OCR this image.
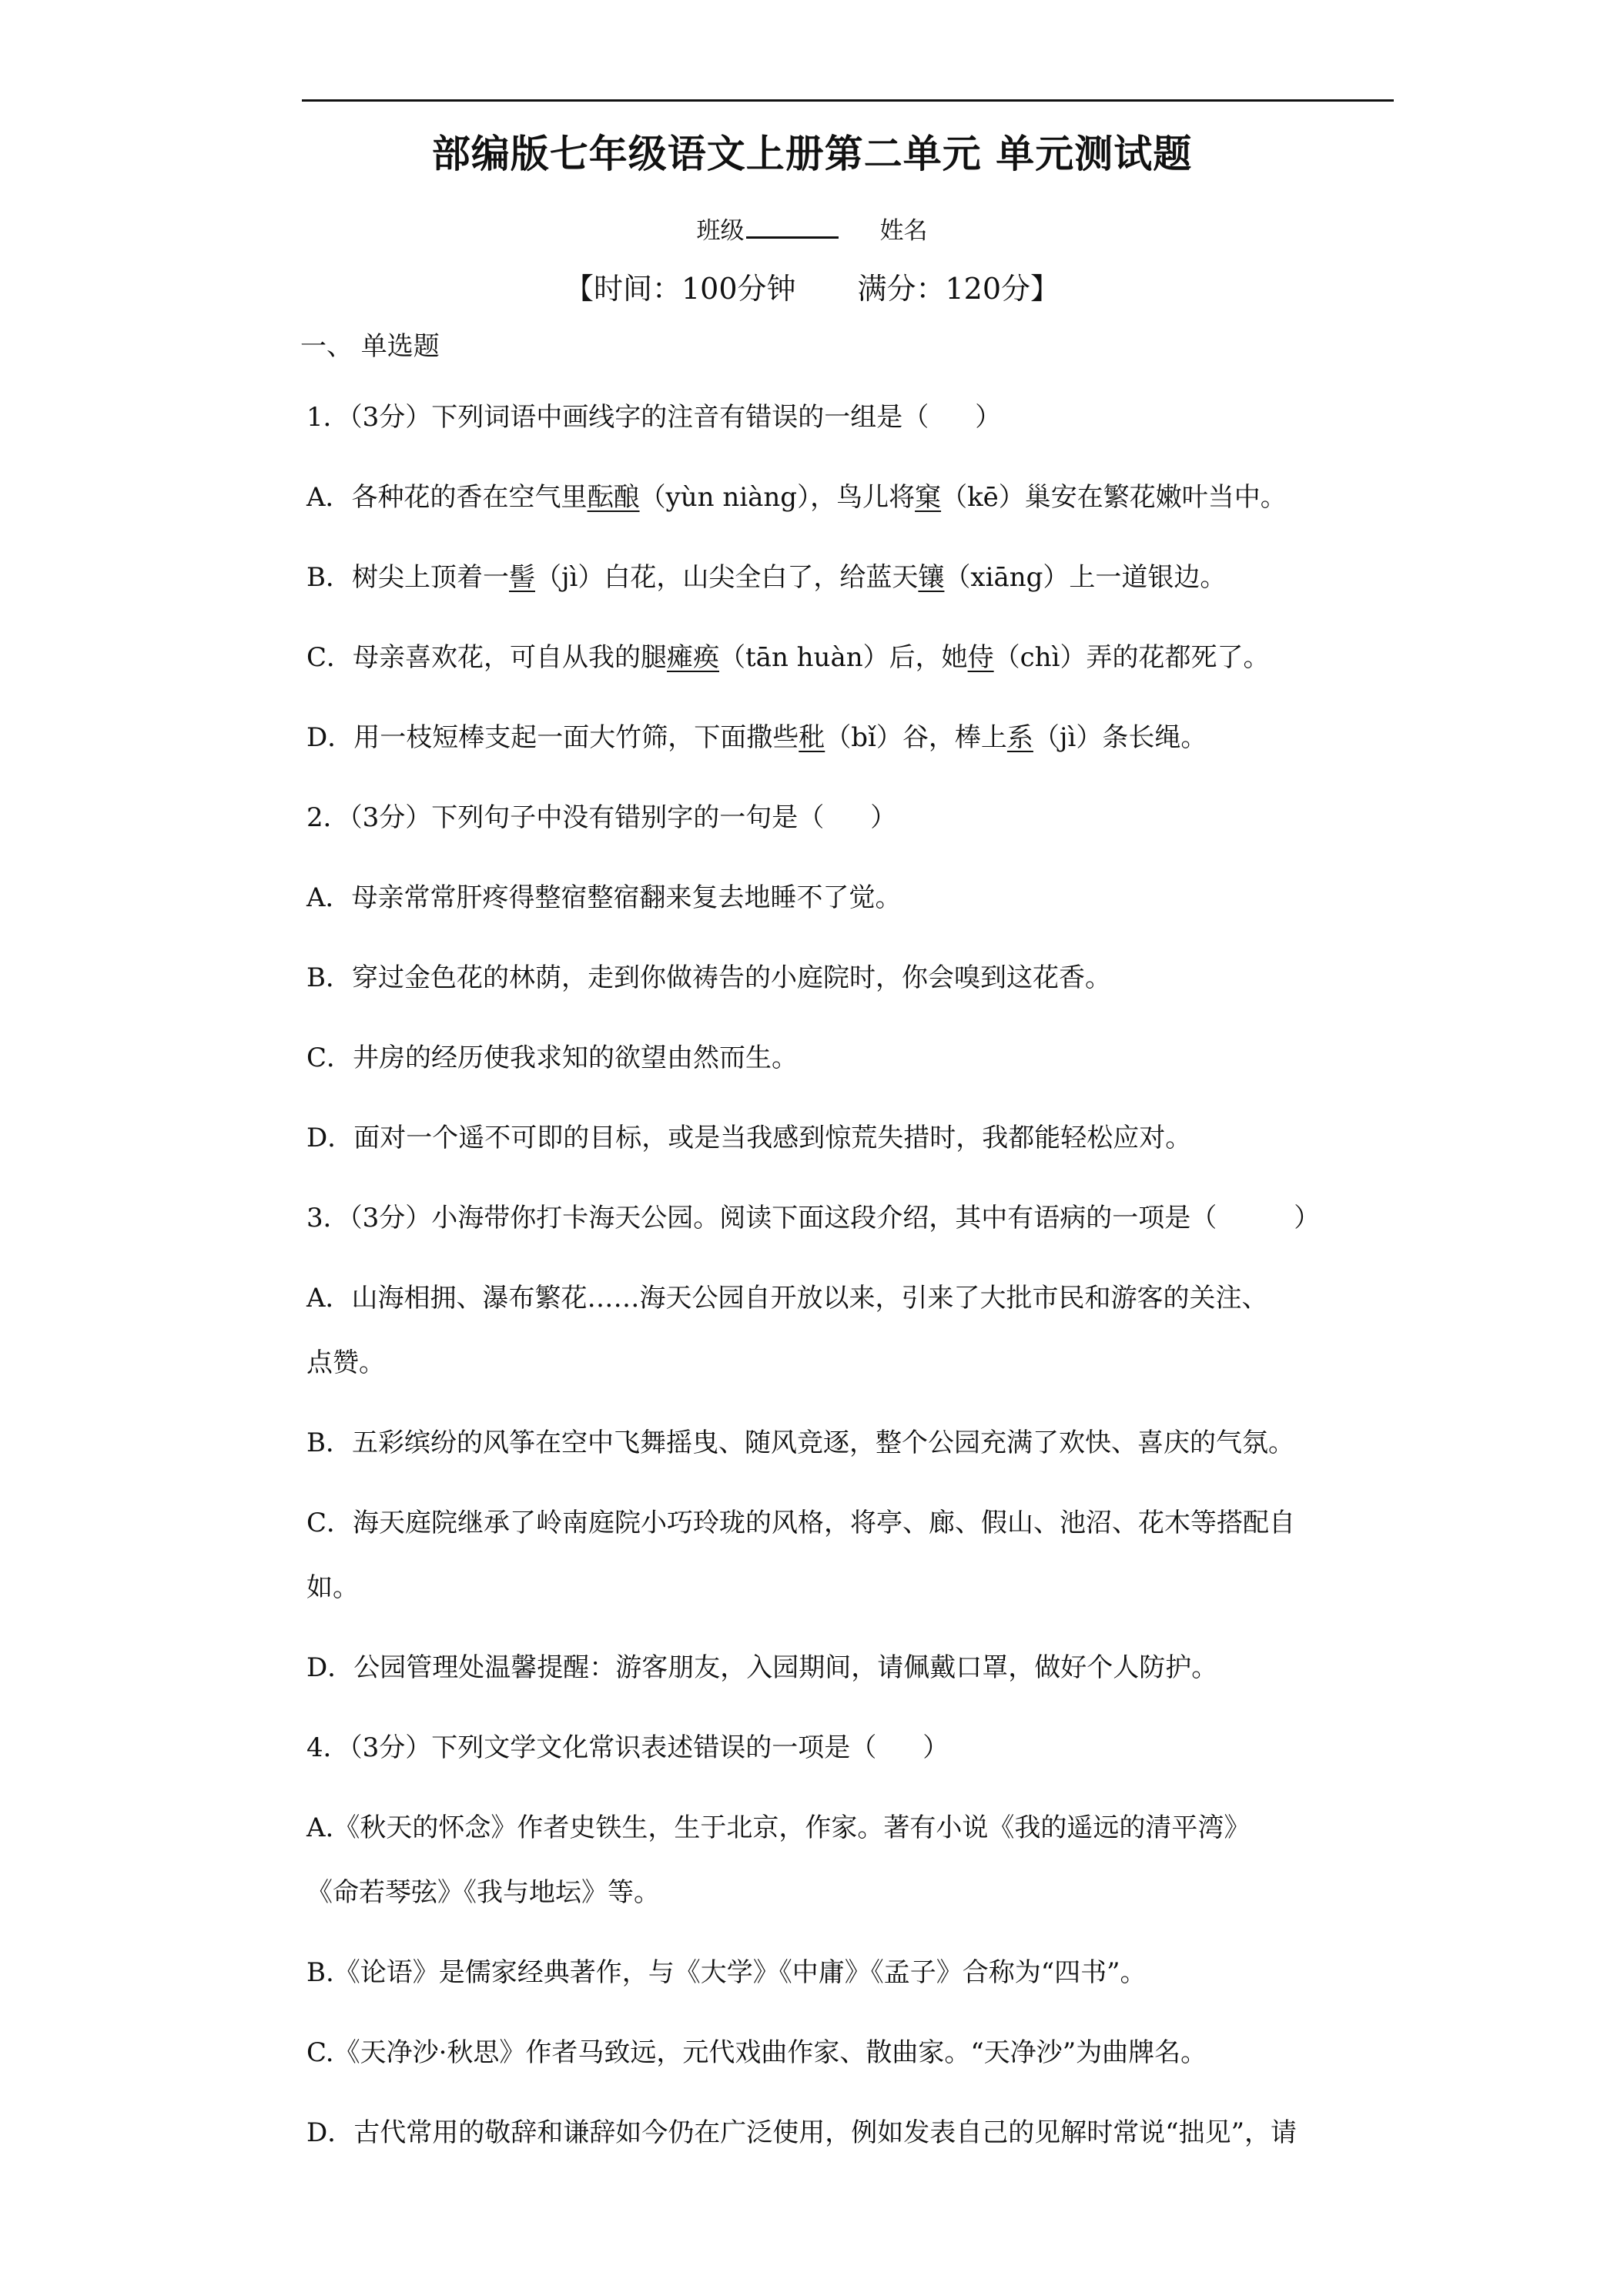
部编版七年级语文上册第二单元 单元测试题
班级	姓名
【时间：100分钟 满分：120分】
一、 单选题
1．（3分）下列词语中画线字的注音有错误的一组是（ ）
A．各种花的香在空气里酝酿（yùn niàng），鸟儿将窠（kē）巢安在繁花嫩叶当中。
B．树尖上顶着一髻（jì）白花，山尖全白了，给蓝天镶（xiāng）上一道银边。
C．母亲喜欢花，可自从我的腿瘫痪（tān huàn）后，她侍（chì）弄的花都死了。
D．用一枝短棒支起一面大竹筛，下面撒些秕（bǐ）谷，棒上系（jì）条长绳。
2．（3分）下列句子中没有错别字的一句是（ ）
A．母亲常常肝疼得整宿整宿翻来复去地睡不了觉。
B．穿过金色花的林荫，走到你做祷告的小庭院时，你会嗅到这花香。
C．井房的经历使我求知的欲望由然而生。
D．面对一个遥不可即的目标，或是当我感到惊荒失措时，我都能轻松应对。
3．（3分）小海带你打卡海天公园。阅读下面这段介绍，其中有语病的一项是（	）
A．山海相拥、瀑布繁花……海天公园自开放以来，引来了大批市民和游客的关注、
点赞。
B．五彩缤纷的风筝在空中飞舞摇曳、随风竞逐，整个公园充满了欢快、喜庆的气氛。
C．海天庭院继承了岭南庭院小巧玲珑的风格，将亭、廊、假山、池沼、花木等搭配自
如。
D．公园管理处温馨提醒：游客朋友，入园期间，请佩戴口罩，做好个人防护。
4．（3分）下列文学文化常识表述错误的一项是（ ）
A.《秋天的怀念》作者史铁生，生于北京，作家。著有小说《我的遥远的清平湾》
《命若琴弦》《我与地坛》等。
B.《论语》是儒家经典著作，与《大学》《中庸》《孟子》合称为“四书”。
C.《天净沙·秋思》作者马致远，元代戏曲作家、散曲家。“天净沙”为曲牌名。
D．古代常用的敬辞和谦辞如今仍在广泛使用，例如发表自己的见解时常说“拙见”，请
